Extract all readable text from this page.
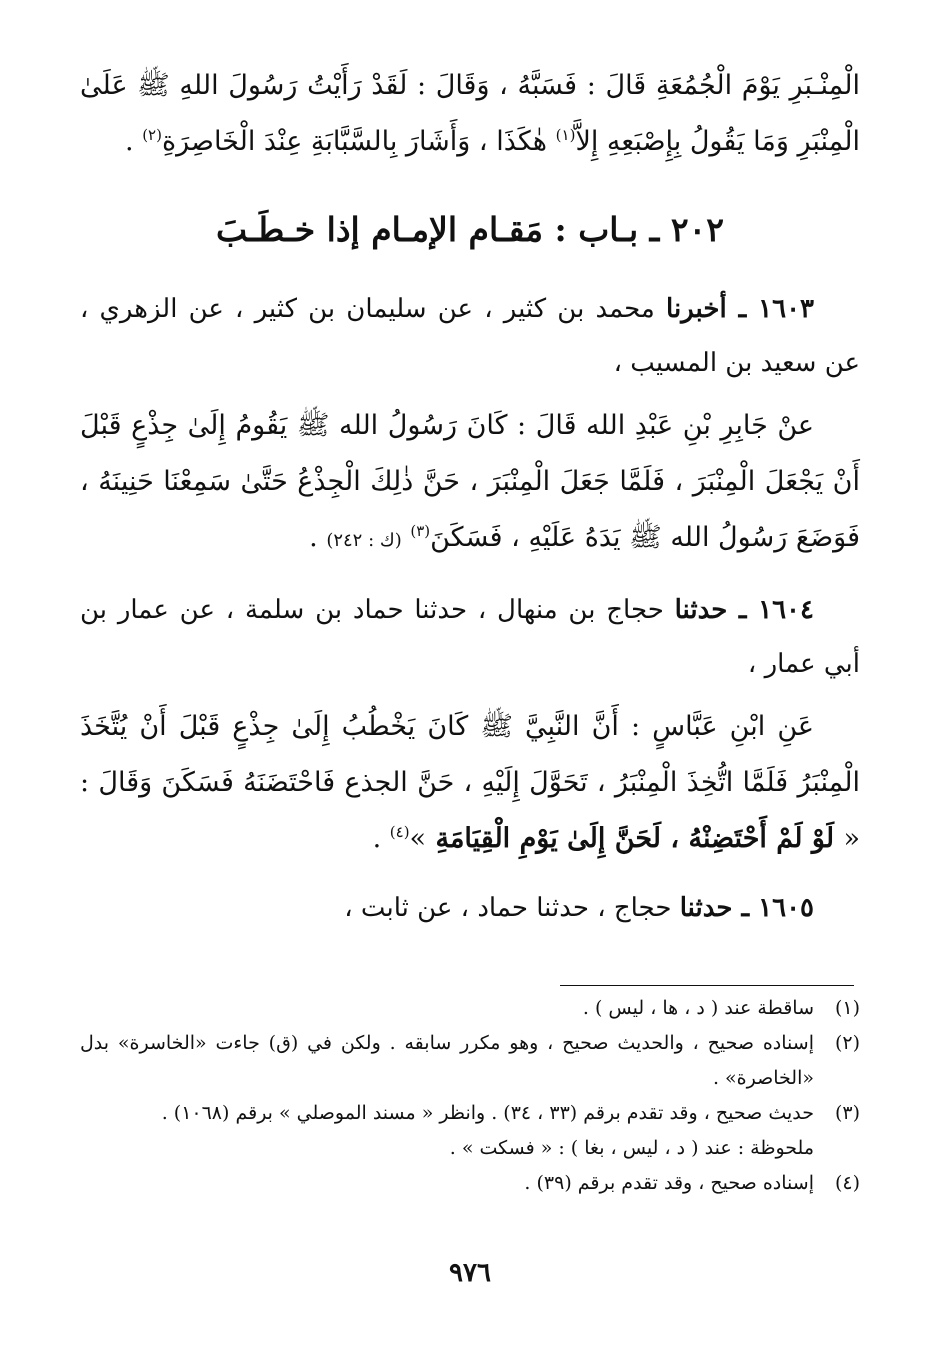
الْمِنْـبَرِ يَوْمَ الْجُمُعَةِ قَالَ : فَسَبَّهُ ، وَقَالَ : لَقَدْ رَأَيْتُ رَسُولَ اللهِ ﷺ عَلَىٰ الْمِنْبَرِ وَمَا يَقُولُ بِإِصْبَعِهِ إِلاَّ$^{(١)}$ هٰكَذَا ، وَأَشَارَ بِالسَّبَّابَةِ عِنْدَ الْخَاصِرَةِ$^{(٢)}$ .

٢٠٢ ـ بـاب : مَقـام الإمـام إذا خـطَـبَ

١٦٠٣ ـ أخبرنا محمد بن كثير ، عن سليمان بن كثير ، عن الزهري ، عن سعيد بن المسيب ،

عنْ جَابِرِ بْنِ عَبْدِ الله قَالَ : كَانَ رَسُولُ الله ﷺ يَقُومُ إِلَىٰ جِذْعٍ قَبْلَ أَنْ يَجْعَلَ الْمِنْبَرَ ، فَلَمَّا جَعَلَ الْمِنْبَرَ ، حَنَّ ذٰلِكَ الْجِذْعُ حَتَّىٰ سَمِعْنَا حَنِينَهُ ، فَوَضَعَ رَسُولُ الله ﷺ يَدَهُ عَلَيْهِ ، فَسَكَنَ$^{(٣)}$ (ك : ٢٤٢) .

١٦٠٤ ـ حدثنا حجاج بن منهال ، حدثنا حماد بن سلمة ، عن عمار بن أبي عمار ،

عَنِ ابْنِ عَبَّاسٍ : أَنَّ النَّبِيَّ ﷺ كَانَ يَخْطُبُ إِلَىٰ جِذْعٍ قَبْلَ أَنْ يُتَّخَذَ الْمِنْبَرُ فَلَمَّا اتُّخِذَ الْمِنْبَرُ ، تَحَوَّلَ إِلَيْهِ ، حَنَّ الجذع فَاحْتَضَنَهُ فَسَكَنَ وَقَالَ : « لَوْ لَمْ أَحْتَضِنْهُ ، لَحَنَّ إِلَىٰ يَوْمِ الْقِيَامَةِ »$^{(٤)}$ .

١٦٠٥ ـ حدثنا حجاج ، حدثنا حماد ، عن ثابت ،

(١)
ساقطة عند ( د ، ها ، ليس ) .
(٢)
إسناده صحيح ، والحديث صحيح ، وهو مكرر سابقه . ولكن في (ق) جاءت «الخاسرة» بدل «الخاصرة» .
(٣)
حديث صحيح ، وقد تقدم برقم (٣٣ ، ٣٤) . وانظر « مسند الموصلي » برقم (١٠٦٨) .
ملحوظة : عند ( د ، ليس ، بغا ) : « فسكت » .
(٤)
إسناده صحيح ، وقد تقدم برقم (٣٩) .
٩٧٦
